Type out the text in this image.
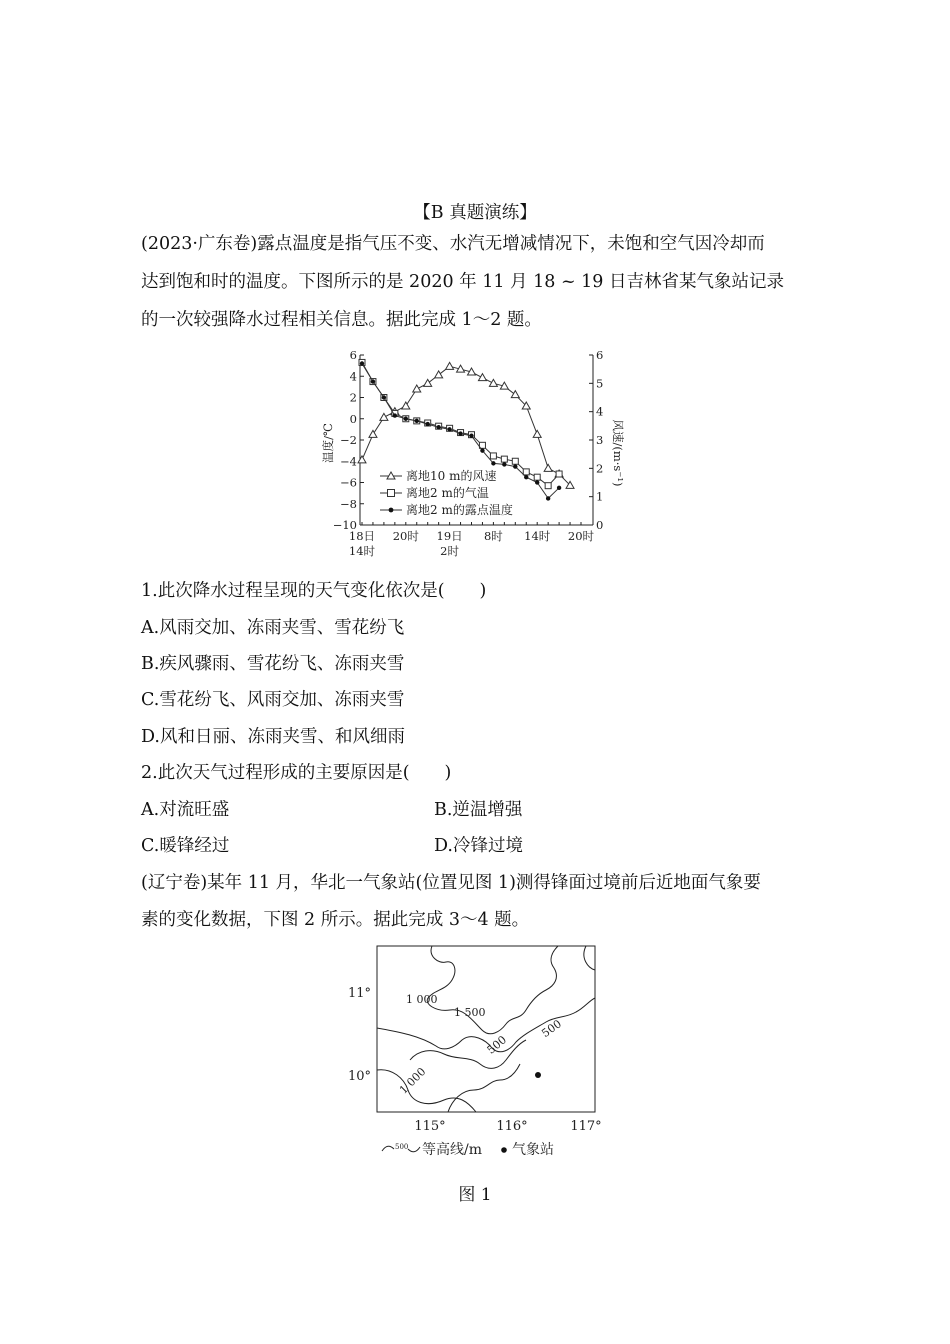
【B 真题演练】
(2023·广东卷)露点温度是指气压不变、水汽无增减情况下，未饱和空气因冷却而
达到饱和时的温度。下图所示的是 2020 年 11 月 18 ~ 19 日吉林省某气象站记录
的一次较强降水过程相关信息。据此完成 1～2 题。
6
4
2
0
−2
−4
−6
−8
−10
6
5
4
3
2
1
0
18日
14时
20时 19日
2时
8时 14时 20时
温度/℃	风速/(m·s⁻¹)
离地10 m的风速
离地2 m的气温
离地2 m的露点温度
1.此次降水过程呈现的天气变化依次是(　　)
A.风雨交加、冻雨夹雪、雪花纷飞
B.疾风骤雨、雪花纷飞、冻雨夹雪
C.雪花纷飞、风雨交加、冻雨夹雪
D.风和日丽、冻雨夹雪、和风细雨
2.此次天气过程形成的主要原因是(　　)
A.对流旺盛	B.逆温增强
C.暖锋经过	D.冷锋过境
(辽宁卷)某年 11 月，华北一气象站(位置见图 1)测得锋面过境前后近地面气象要
素的变化数据，下图 2 所示。据此完成 3～4 题。
1 000
1 500
500
500
1 000
11°
10°
115°	116°	117°
500 等高线/m 气象站
图 1
